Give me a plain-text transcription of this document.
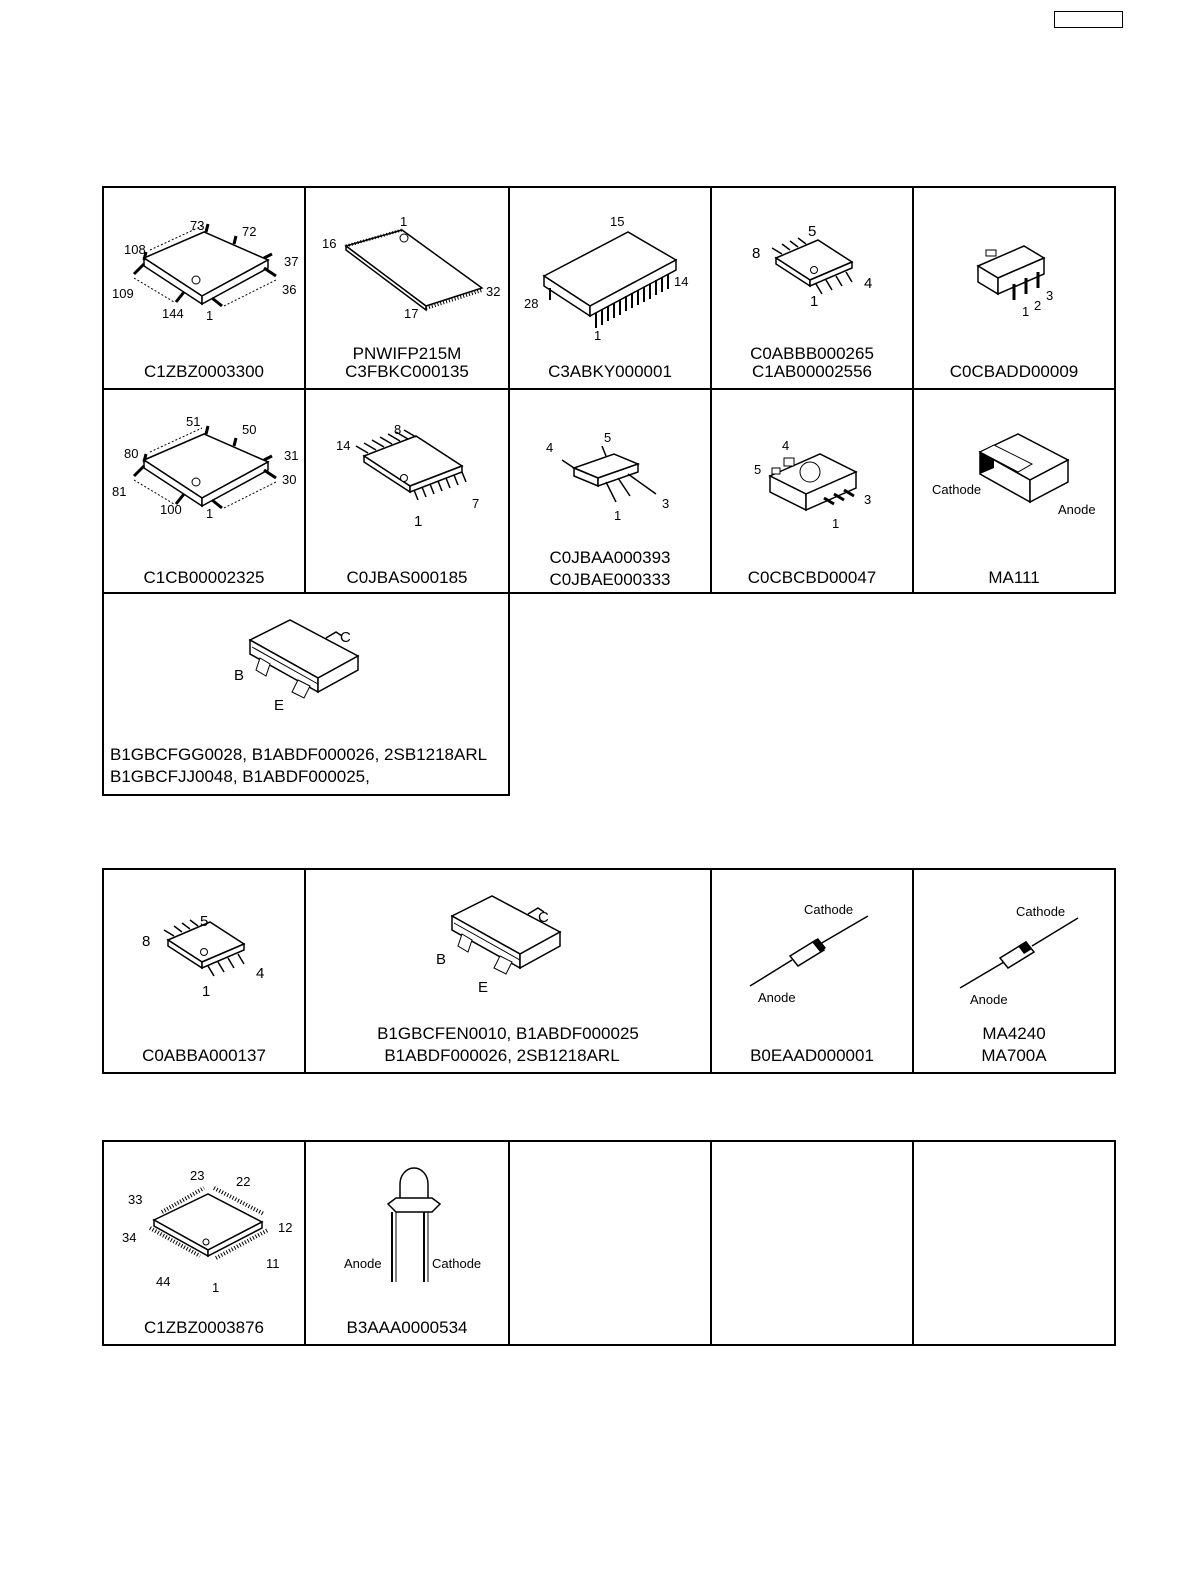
73	72
108
37
109	36
144 1
C1ZBZ0003300
1
16
17
32
PNWIFP215M
C3FBKC000135
15
14
28
1
C3ABKY000001
5
8
4
1
C0ABBB000265
C1AB00002556
1 2
3
C0CBADD00009
51
50
80	31
81
30
100 1
C1CB00002325
8
14
7
1
C0JBAS000185
4
5
3
1
C0JBAA000393
C0JBAE000333
4
5
3
1
C0CBCBD00047
Cathode
Anode
MA111
C
B
E
B1GBCFGG0028, B1ABDF000026, 2SB1218ARL
B1GBCFJJ0048, B1ABDF000025,
5
8
4
1
C0ABBA000137
C
B
E
B1GBCFEN0010, B1ABDF000025
B1ABDF000026, 2SB1218ARL
Cathode
Anode
B0EAAD000001
Cathode
Anode
MA4240
MA700A
23 22
33
12
34
11
44	1
C1ZBZ0003876
Anode	Cathode
B3AAA0000534
